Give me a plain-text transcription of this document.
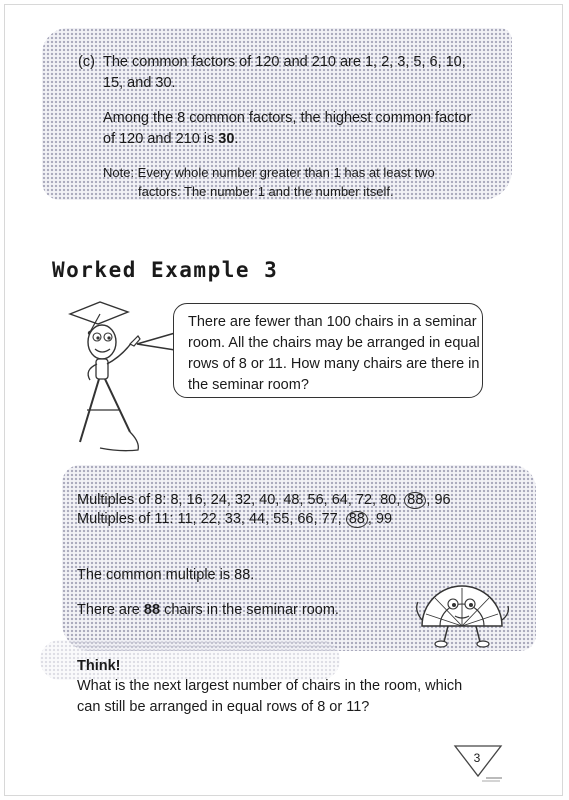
(c) The common factors of 120 and 210 are 1, 2, 3, 5, 6, 10, 15, and 30.
Among the 8 common factors, the highest common factor of 120 and 210 is 30.
Note: Every whole number greater than 1 has at least two
factors: The number 1 and the number itself.
Worked Example 3
There are fewer than 100 chairs in a seminar room. All the chairs may be arranged in equal rows of 8 or 11. How many chairs are there in the seminar room?
Multiples of 8: 8, 16, 24, 32, 40, 48, 56, 64, 72, 80, 88 , 96
Multiples of 11: 11, 22, 33, 44, 55, 66, 77, 88 , 99
The common multiple is 88.
There are 88 chairs in the seminar room.
Think!
What is the next largest number of chairs in the room, which can still be arranged in equal rows of 8 or 11?
3
